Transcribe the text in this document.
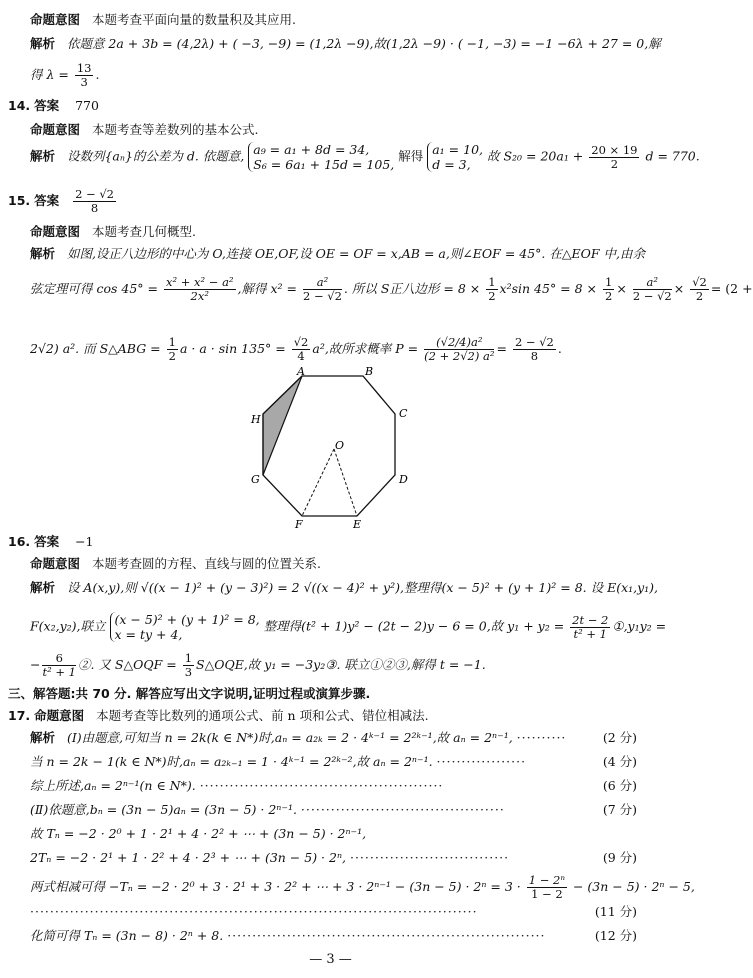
命题意图 本题考查平面向量的数量积及其应用.
解析 依题意 2a + 3b = (4,2λ) + ( −3, −9) = (1,2λ −9),故(1,2λ −9) · ( −1, −3) = −1 −6λ + 27 = 0,解
得 $\lambda = \frac{13}{3}$ .
14. 答案 770
命题意图 本题考查等差数列的基本公式.
解析 设数列{aₙ}的公差为 d. 依题意, a₉ = a₁ + 8d = 34,
S₆ = 6a₁ + 15d = 105, 解得 a₁ = 10,
d = 3, 故 $S_{20} = 20a_1 + \frac{20 \times 19}{2}$ d = 770.
15. 答案 $\frac{2 - √2}{8}$
命题意图 本题考查几何概型.
解析 如图,设正八边形的中心为 O,连接 OE,OF,设 OE = OF = x,AB = a,则∠EOF = 45°. 在△EOF 中,由余
弦定理可得 $\cos 45^\circ = \frac{\text{x² + x² − a²}}{\text{2x²}}$ ,解得 $x^2 = \frac{\text{a²}}{2 - √2}$ . 所以 S正八边形 = $8 \times \frac{1}{2} x^2\sin$ $45^\circ = 8 \times \frac{1}{2} \times \frac{\text{a²}}{2 - √2} \times \frac{√2}{2} = (2$ +
2√2) a². 而 S△ABG = $\frac{1}{2}$ $a \cdot a \cdot \sin 135^\circ = \frac{√2}{4} a^2$,故所求概率 $P = \frac{\text{(√2/4)a²}}{\text{(2 + 2√2) a²}} = \frac{2 - √2}{8}$ .
A	B
C
D
E
F
G
H
O
16. 答案 −1
命题意图 本题考查圆的方程、直线与圆的位置关系.
解析 设 A(x,y),则 √((x − 1)² + (y − 3)²) = 2 √((x − 4)² + y²),整理得(x − 5)² + (y + 1)² = 8. 设 E(x₁,y₁),
F(x₂,y₂),联立 (x − 5)² + (y + 1)² = 8,
x = ty + 4, 整理得(t² + 1)y² − (2t − 2)y − 6 = 0,故 $y_1 + y_2 = \frac{2t - 2}{\text{t² + 1}}$ ①,y₁y₂ =
− $\frac{6}{\text{t² + 1}}$ ②. 又 S△OQF = $\frac{1}{3}$ S△OQE,故 y₁ = −3y₂③. 联立①②③,解得 t = −1.
三、解答题:共 70 分. 解答应写出文字说明,证明过程或演算步骤.
17. 命题意图 本题考查等比数列的通项公式、前 n 项和公式、错位相减法.
解析 (Ⅰ)由题意,可知当 n = 2k(k ∈ N*)时,aₙ = a₂ₖ = 2 · 4ᵏ⁻¹ = 2²ᵏ⁻¹,故 aₙ = 2ⁿ⁻¹, ··········	(2 分)
当 n = 2k − 1(k ∈ N*)时,aₙ = a₂ₖ₋₁ = 1 · 4ᵏ⁻¹ = 2²ᵏ⁻²,故 aₙ = 2ⁿ⁻¹. ··················	(4 分)
综上所述,aₙ = 2ⁿ⁻¹(n ∈ N*). ·················································	(6 分)
(Ⅱ)依题意,bₙ = (3n − 5)aₙ = (3n − 5) · 2ⁿ⁻¹. ·········································	(7 分)
故 Tₙ = −2 · 2⁰ + 1 · 2¹ + 4 · 2² + ⋯ + (3n − 5) · 2ⁿ⁻¹,
2Tₙ = −2 · 2¹ + 1 · 2² + 4 · 2³ + ⋯ + (3n − 5) · 2ⁿ, ································	(9 分)
两式相减可得 −Tₙ = −2 · 2⁰ + 3 · 2¹ + 3 · 2² + ⋯ + $3 \cdot 2^{n-1} - (3n - 5) \cdot 2^n = 3 \cdot \frac{\text{1 − 2ⁿ}}{1 - 2} - (3n - 5) \cdot 2^n - 5$,
··························································································	(11 分)
化简可得 Tₙ = (3n − 8) · 2ⁿ + 8. ································································	(12 分)
— 3 —
